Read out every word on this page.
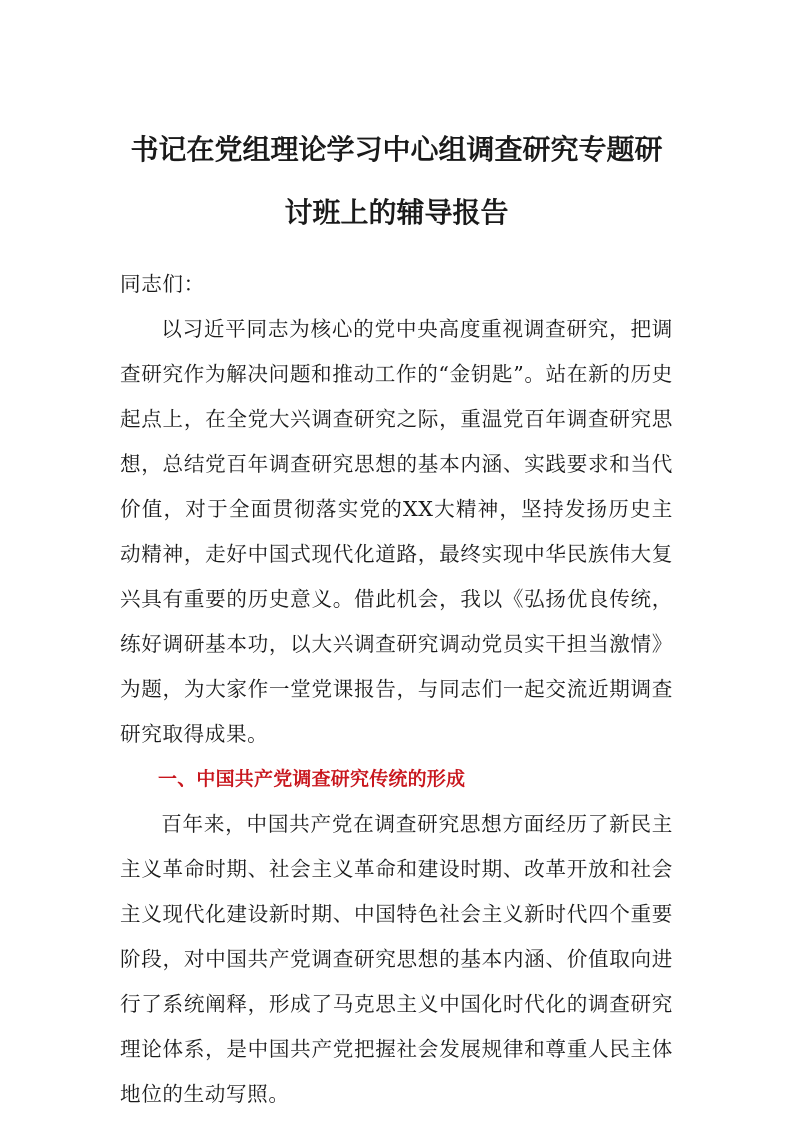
书记在党组理论学习中心组调查研究专题研
讨班上的辅导报告

同志们：

以习近平同志为核心的党中央高度重视调查研究，把调查研究作为解决问题和推动工作的“金钥匙”。站在新的历史起点上，在全党大兴调查研究之际，重温党百年调查研究思想，总结党百年调查研究思想的基本内涵、实践要求和当代价值，对于全面贯彻落实党的XX大精神，坚持发扬历史主动精神，走好中国式现代化道路，最终实现中华民族伟大复兴具有重要的历史意义。借此机会，我以《弘扬优良传统，练好调研基本功，以大兴调查研究调动党员实干担当激情》为题，为大家作一堂党课报告，与同志们一起交流近期调查研究取得成果。

一、中国共产党调查研究传统的形成

百年来，中国共产党在调查研究思想方面经历了新民主主义革命时期、社会主义革命和建设时期、改革开放和社会主义现代化建设新时期、中国特色社会主义新时代四个重要阶段，对中国共产党调查研究思想的基本内涵、价值取向进行了系统阐释，形成了马克思主义中国化时代化的调查研究理论体系，是中国共产党把握社会发展规律和尊重人民主体地位的生动写照。
